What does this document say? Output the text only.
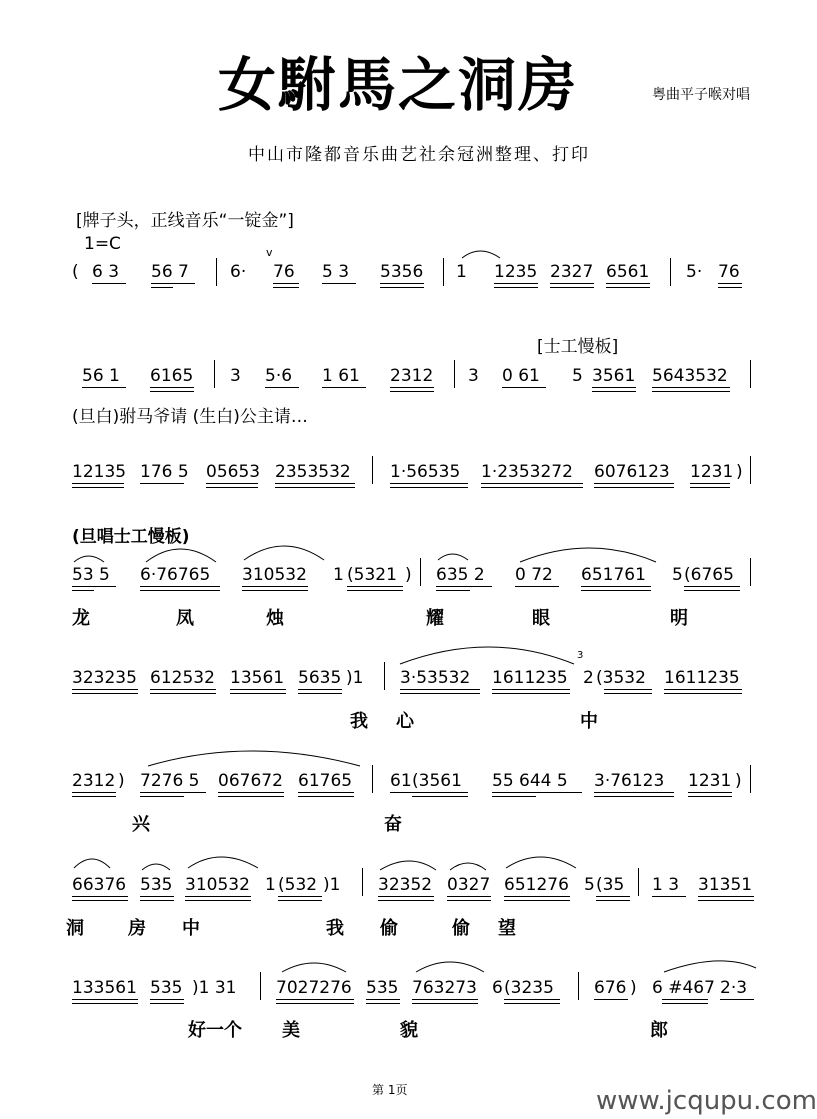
女駙馬之洞房	粤曲平子喉对唱
中山市隆都音乐曲艺社余冠洲整理、打印
[牌子头，正线音乐“一锭金”]
1=C
( 6 3 56 7 6·
v
76 5 3 5356 1 1235 2327 6561 5· 76
[士工慢板]
56 1 6165 3 5·6 1 61 2312 3 0 61 5 3561 5643532
(旦白)驸马爷请 (生白)公主请…
12135 176 5 05653 2353532 1·56535 1·2353272 6076123 1231 )
(旦唱士工慢板)
53 5 6·76765 310532 1 (5321 ) 635 2 0 72 651761 5 (6765
龙	凤	烛	耀	眼	明
323235 612532 13561 5635 )1 3·53532 1611235
3
2 (3532 1611235
我 心	中
2312 ) 7276 5 067672 61765 61 (3561 55 644 5 3·76123 1231 )
兴	奋
66376 535 310532 1 (532 )1 32352 0327 651276 5 (35 1 3 31351
洞 房 中	我 偷	偷 望
133561 535 )1 31 7027276 535 763273 6 (3235 676 ) 6 #467 2·3
好一个 美	貌	郎
第 1页	www.jcqupu.com
